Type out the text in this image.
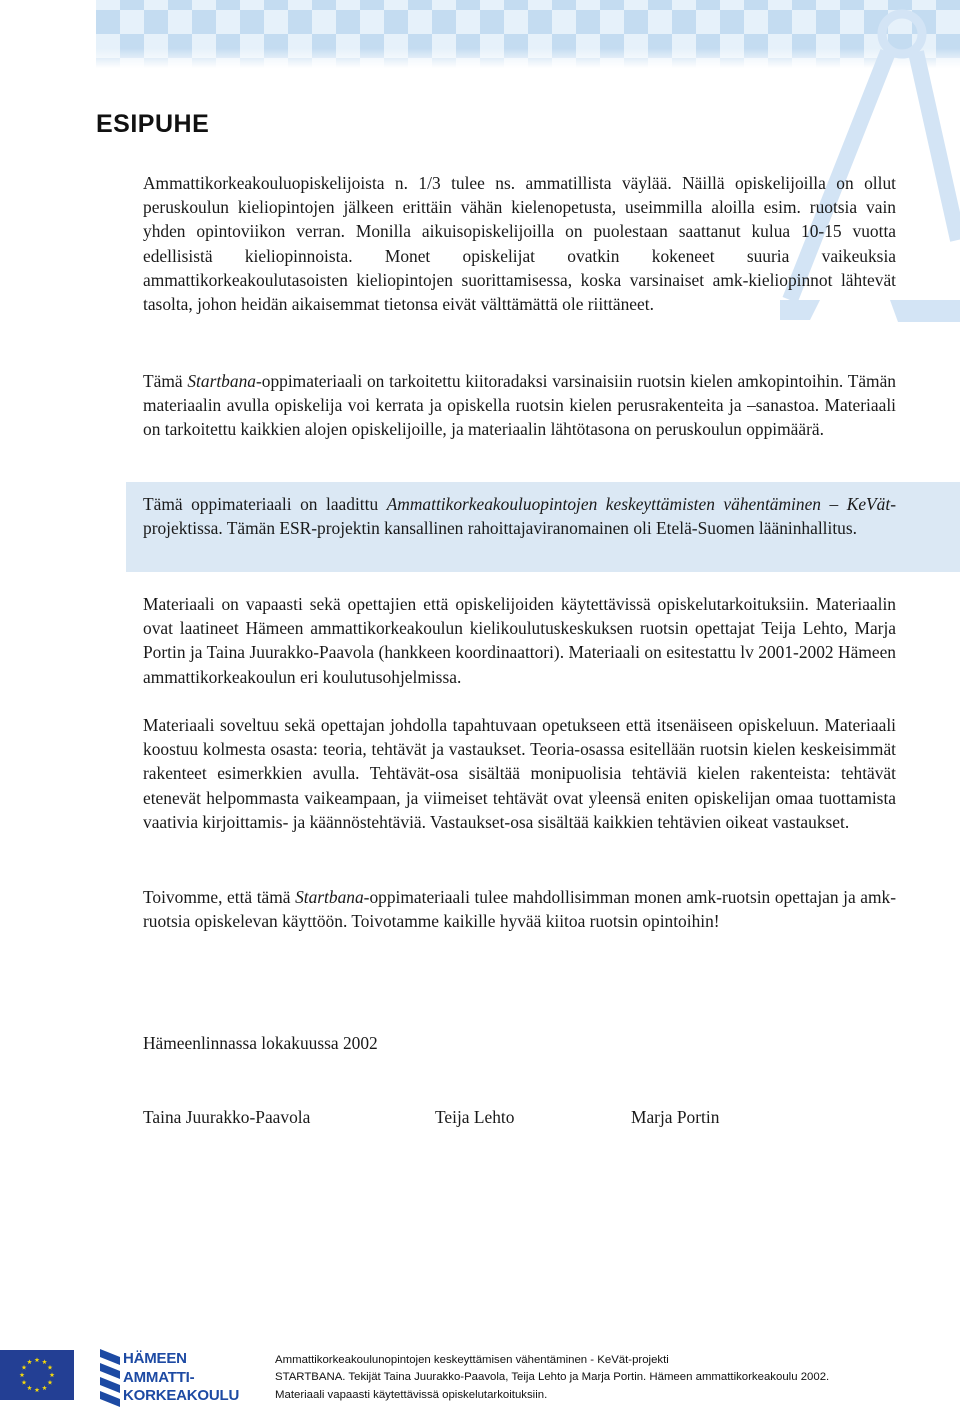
ESIPUHE

Ammattikorkeakouluopiskelijoista n. 1/3 tulee ns. ammatillista väylää. Näillä opiskelijoilla on ollut peruskoulun kieliopintojen jälkeen erittäin vähän kielenopetusta, useimmilla aloilla esim. ruotsia vain yhden opintoviikon verran. Monilla aikuisopiskelijoilla on puolestaan saattanut kulua 10-15 vuotta edellisistä kieliopinnoista. Monet opiskelijat ovatkin kokeneet suuria vaikeuksia ammattikorkeakoulutasoisten kieliopintojen suorittamisessa, koska varsinaiset amk-kieliopinnot lähtevät tasolta, johon heidän aikaisemmat tietonsa eivät välttämättä ole riittäneet.

Tämä Startbana-oppimateriaali on tarkoitettu kiitoradaksi varsinaisiin ruotsin kielen amkopintoihin. Tämän materiaalin avulla opiskelija voi kerrata ja opiskella ruotsin kielen perusrakenteita ja –sanastoa. Materiaali on tarkoitettu kaikkien alojen opiskelijoille, ja materiaalin lähtötasona on peruskoulun oppimäärä.

Tämä oppimateriaali on laadittu Ammattikorkeakouluopintojen keskeyttämisten vähentäminen – KeVät-projektissa. Tämän ESR-projektin kansallinen rahoittajaviranomainen oli Etelä-Suomen lääninhallitus.

Materiaali on vapaasti sekä opettajien että opiskelijoiden käytettävissä opiskelutarkoituksiin. Materiaalin ovat laatineet Hämeen ammattikorkeakoulun kielikoulutuskeskuksen ruotsin opettajat Teija Lehto, Marja Portin ja Taina Juurakko-Paavola (hankkeen koordinaattori). Materiaali on esitestattu lv 2001-2002 Hämeen ammattikorkeakoulun eri koulutusohjelmissa.

Materiaali soveltuu sekä opettajan johdolla tapahtuvaan opetukseen että itsenäiseen opiskeluun. Materiaali koostuu kolmesta osasta: teoria, tehtävät ja vastaukset. Teoria-osassa esitellään ruotsin kielen keskeisimmät rakenteet esimerkkien avulla. Tehtävät-osa sisältää monipuolisia tehtäviä kielen rakenteista: tehtävät etenevät helpommasta vaikeampaan, ja viimeiset tehtävät ovat yleensä eniten opiskelijan omaa tuottamista vaativia kirjoittamis- ja käännöstehtäviä. Vastaukset-osa sisältää kaikkien tehtävien oikeat vastaukset.

Toivomme, että tämä Startbana-oppimateriaali tulee mahdollisimman monen amk-ruotsin opettajan ja amk-ruotsia opiskelevan käyttöön. Toivotamme kaikille hyvää kiitoa ruotsin opintoihin!

Hämeenlinnassa lokakuussa 2002

Taina Juurakko-Paavola	Teija Lehto	Marja Portin

HÄMEEN
AMMATTI-
KORKEAKOULU

Ammattikorkeakoulunopintojen keskeyttämisen vähentäminen - KeVät-projekti
STARTBANA. Tekijät Taina Juurakko-Paavola, Teija Lehto ja Marja Portin. Hämeen ammattikorkeakoulu 2002.
Materiaali vapaasti käytettävissä opiskelutarkoituksiin.
